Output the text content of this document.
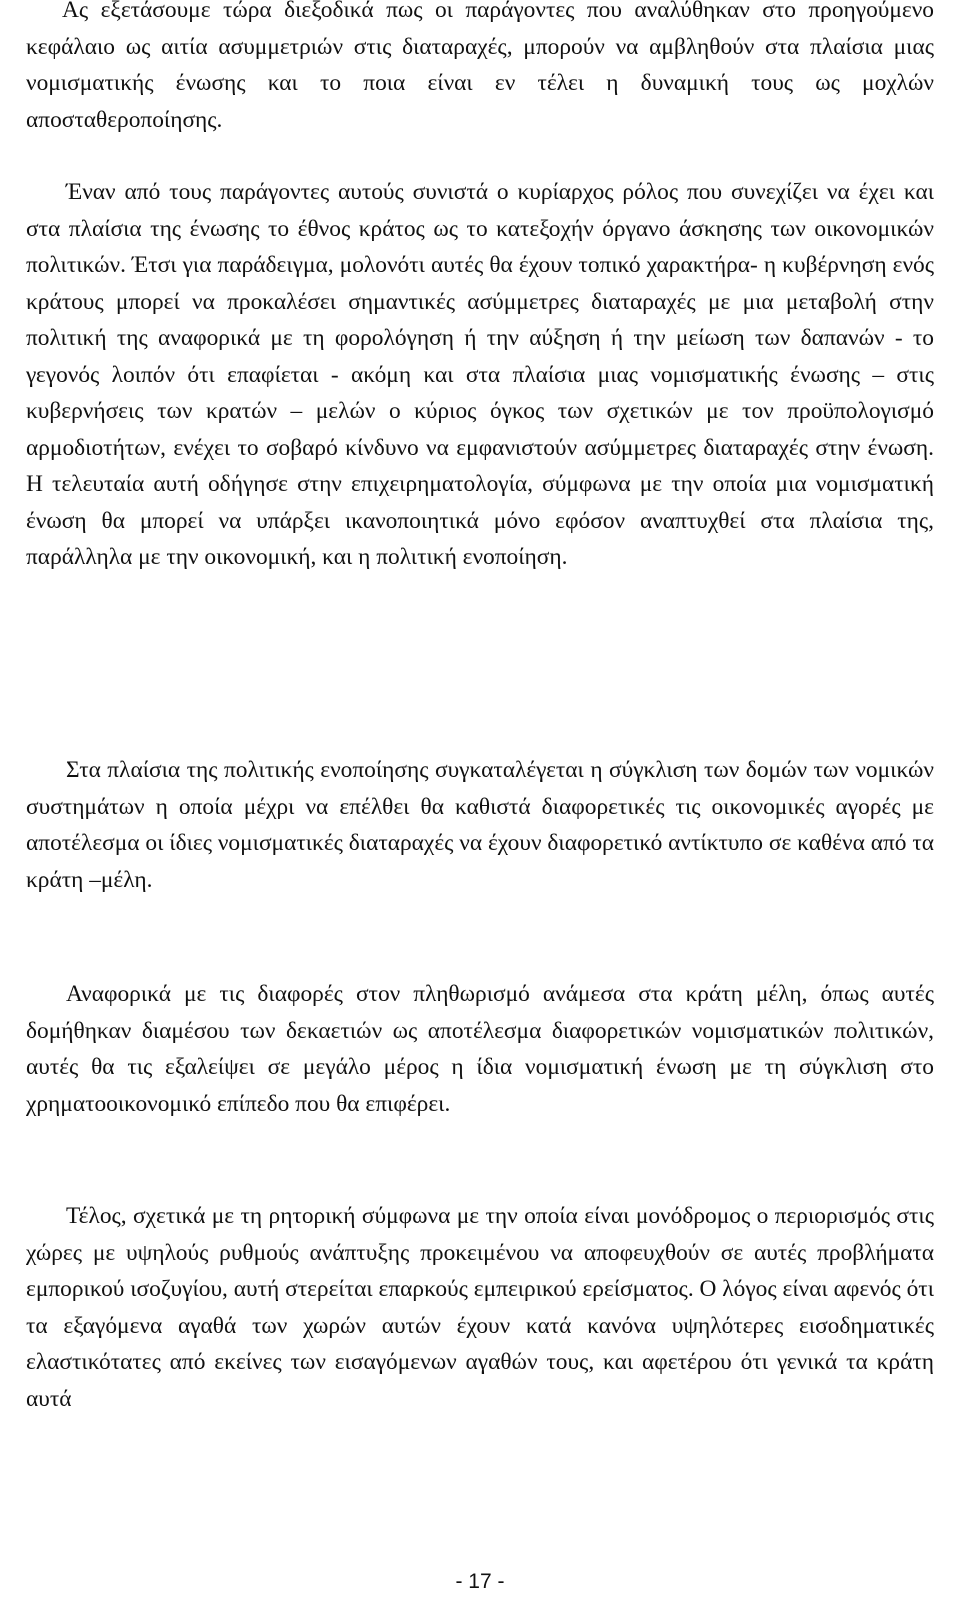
Ας εξετάσουμε τώρα διεξοδικά πως οι παράγοντες που αναλύθηκαν στο προηγούμενο κεφάλαιο ως αιτία ασυμμετριών στις διαταραχές, μπορούν να αμβληθούν στα πλαίσια μιας νομισματικής ένωσης και το ποια είναι εν τέλει η δυναμική τους ως μοχλών αποσταθεροποίησης.

Έναν από τους παράγοντες αυτούς συνιστά ο κυρίαρχος ρόλος που συνεχίζει να έχει και στα πλαίσια της ένωσης το έθνος κράτος ως το κατεξοχήν όργανο άσκησης των οικονομικών πολιτικών. Έτσι για παράδειγμα, μολονότι αυτές θα έχουν τοπικό χαρακτήρα- η κυβέρνηση ενός κράτους μπορεί να προκαλέσει σημαντικές ασύμμετρες διαταραχές με μια μεταβολή στην πολιτική της αναφορικά με τη φορολόγηση ή την αύξηση ή την μείωση των δαπανών - το γεγονός λοιπόν ότι επαφίεται - ακόμη και στα πλαίσια μιας νομισματικής ένωσης – στις κυβερνήσεις των κρατών – μελών ο κύριος όγκος των σχετικών με τον προϋπολογισμό αρμοδιοτήτων, ενέχει το σοβαρό κίνδυνο να εμφανιστούν ασύμμετρες διαταραχές στην ένωση. Η τελευταία αυτή οδήγησε στην επιχειρηματολογία, σύμφωνα με την οποία μια νομισματική ένωση θα μπορεί να υπάρξει ικανοποιητικά μόνο εφόσον αναπτυχθεί στα πλαίσια της, παράλληλα με την οικονομική, και η πολιτική ενοποίηση.

Στα πλαίσια της πολιτικής ενοποίησης συγκαταλέγεται η σύγκλιση των δομών των νομικών συστημάτων η οποία μέχρι να επέλθει θα καθιστά διαφορετικές τις οικονομικές αγορές με αποτέλεσμα οι ίδιες νομισματικές διαταραχές να έχουν διαφορετικό αντίκτυπο σε καθένα από τα κράτη –μέλη.

Αναφορικά με τις διαφορές στον πληθωρισμό ανάμεσα στα κράτη μέλη, όπως αυτές δομήθηκαν διαμέσου των δεκαετιών ως αποτέλεσμα διαφορετικών νομισματικών πολιτικών, αυτές θα τις εξαλείψει σε μεγάλο μέρος η ίδια νομισματική ένωση με τη σύγκλιση στο χρηματοοικονομικό επίπεδο που θα επιφέρει.

Τέλος, σχετικά με τη ρητορική σύμφωνα με την οποία είναι μονόδρομος ο περιορισμός στις χώρες με υψηλούς ρυθμούς ανάπτυξης προκειμένου να αποφευχθούν σε αυτές προβλήματα εμπορικού ισοζυγίου, αυτή στερείται επαρκούς εμπειρικού ερείσματος. Ο λόγος είναι αφενός ότι τα εξαγόμενα αγαθά των χωρών αυτών έχουν κατά κανόνα υψηλότερες εισοδηματικές ελαστικότατες από εκείνες των εισαγόμενων αγαθών τους, και αφετέρου ότι γενικά τα κράτη αυτά

- 17 -
